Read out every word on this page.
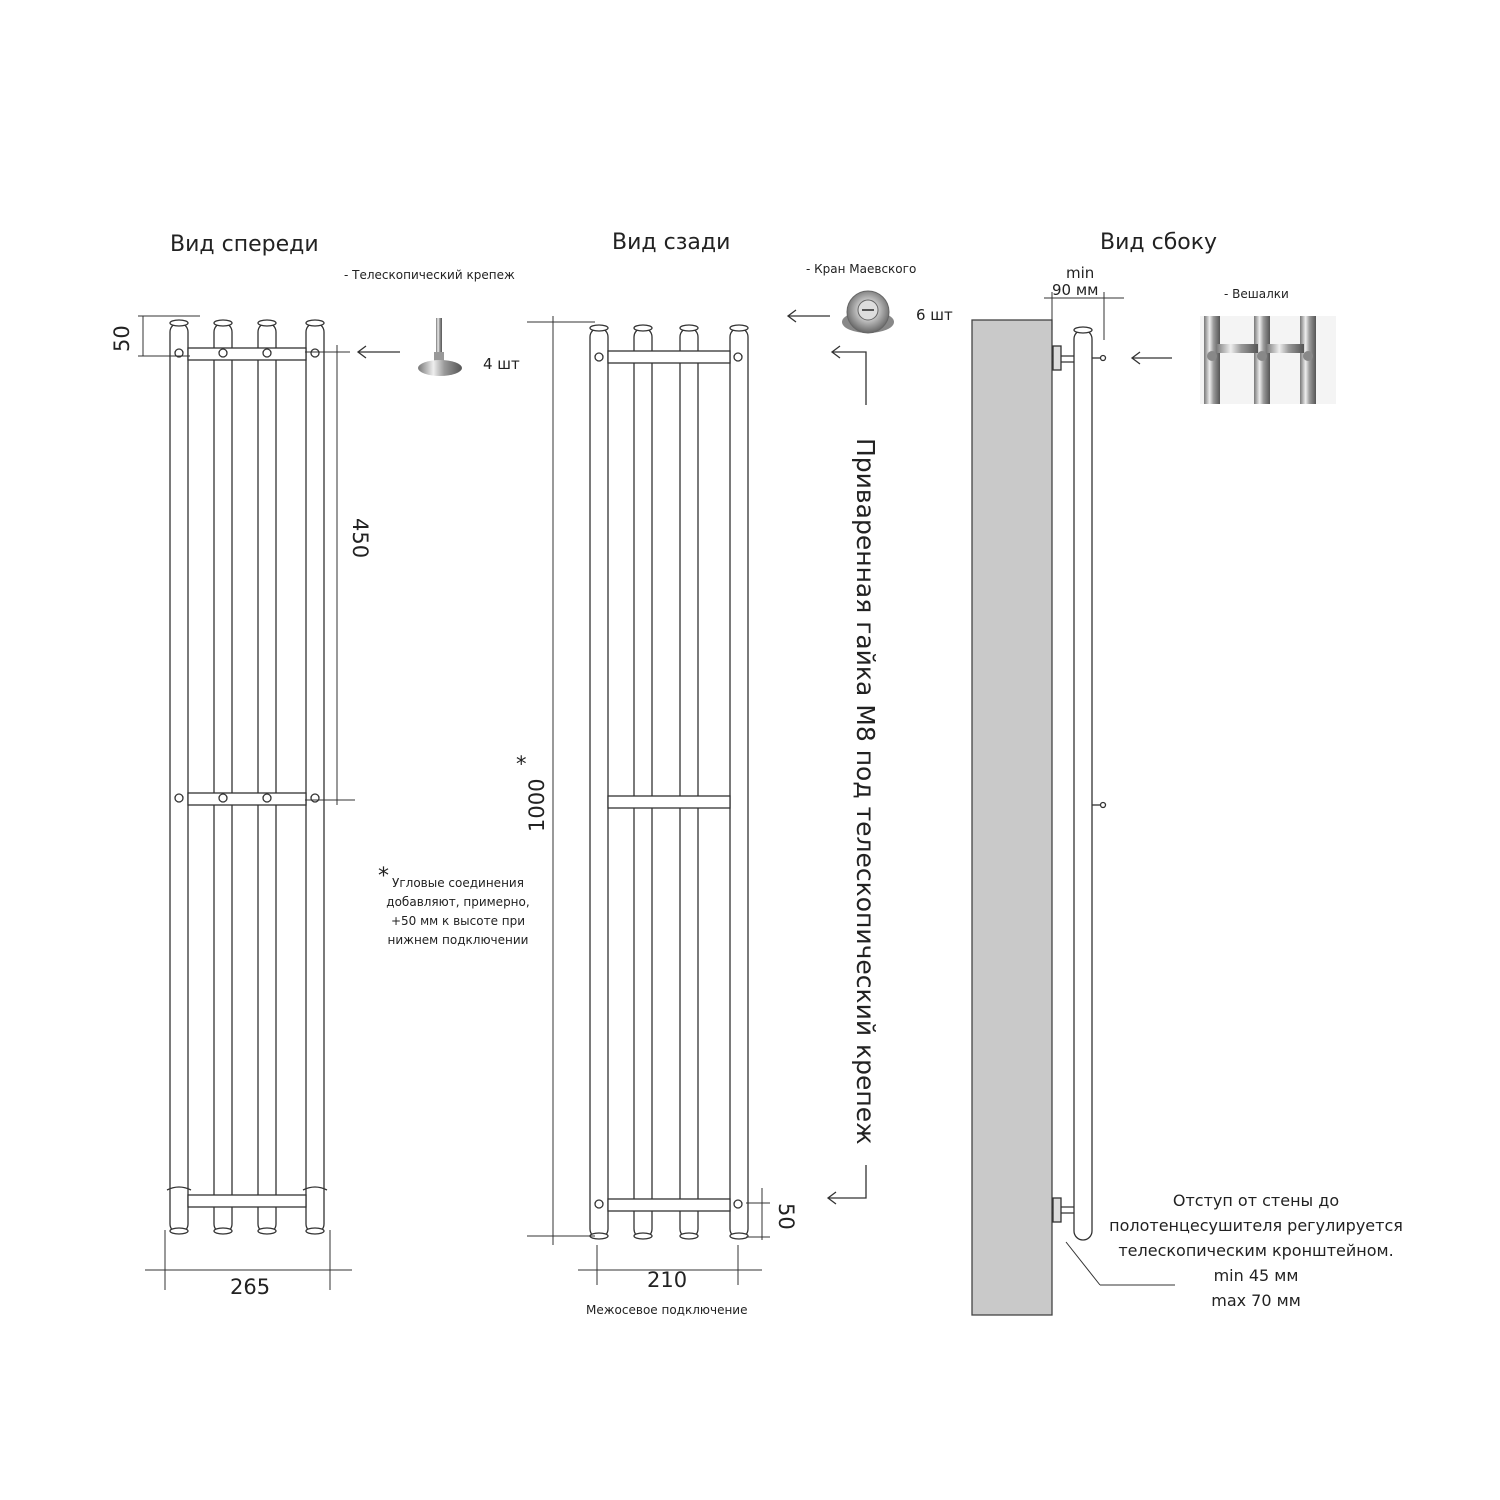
Вид спереди	Вид сзади	Вид сбоку
- Телескопический крепеж
4 шт
- Кран Маевского
6 шт
- Вешалки
Приваренная гайка М8 под телескопический крепеж
50
450
265
1000
*
210
Межосевое подключение
50
min
90 мм
* Угловые соединения добавляют, примерно, +50 мм к высоте при нижнем подключении
Отступ от стены до
полотенцесушителя регулируется
телескопическим кронштейном.
min 45 мм
max 70 мм
